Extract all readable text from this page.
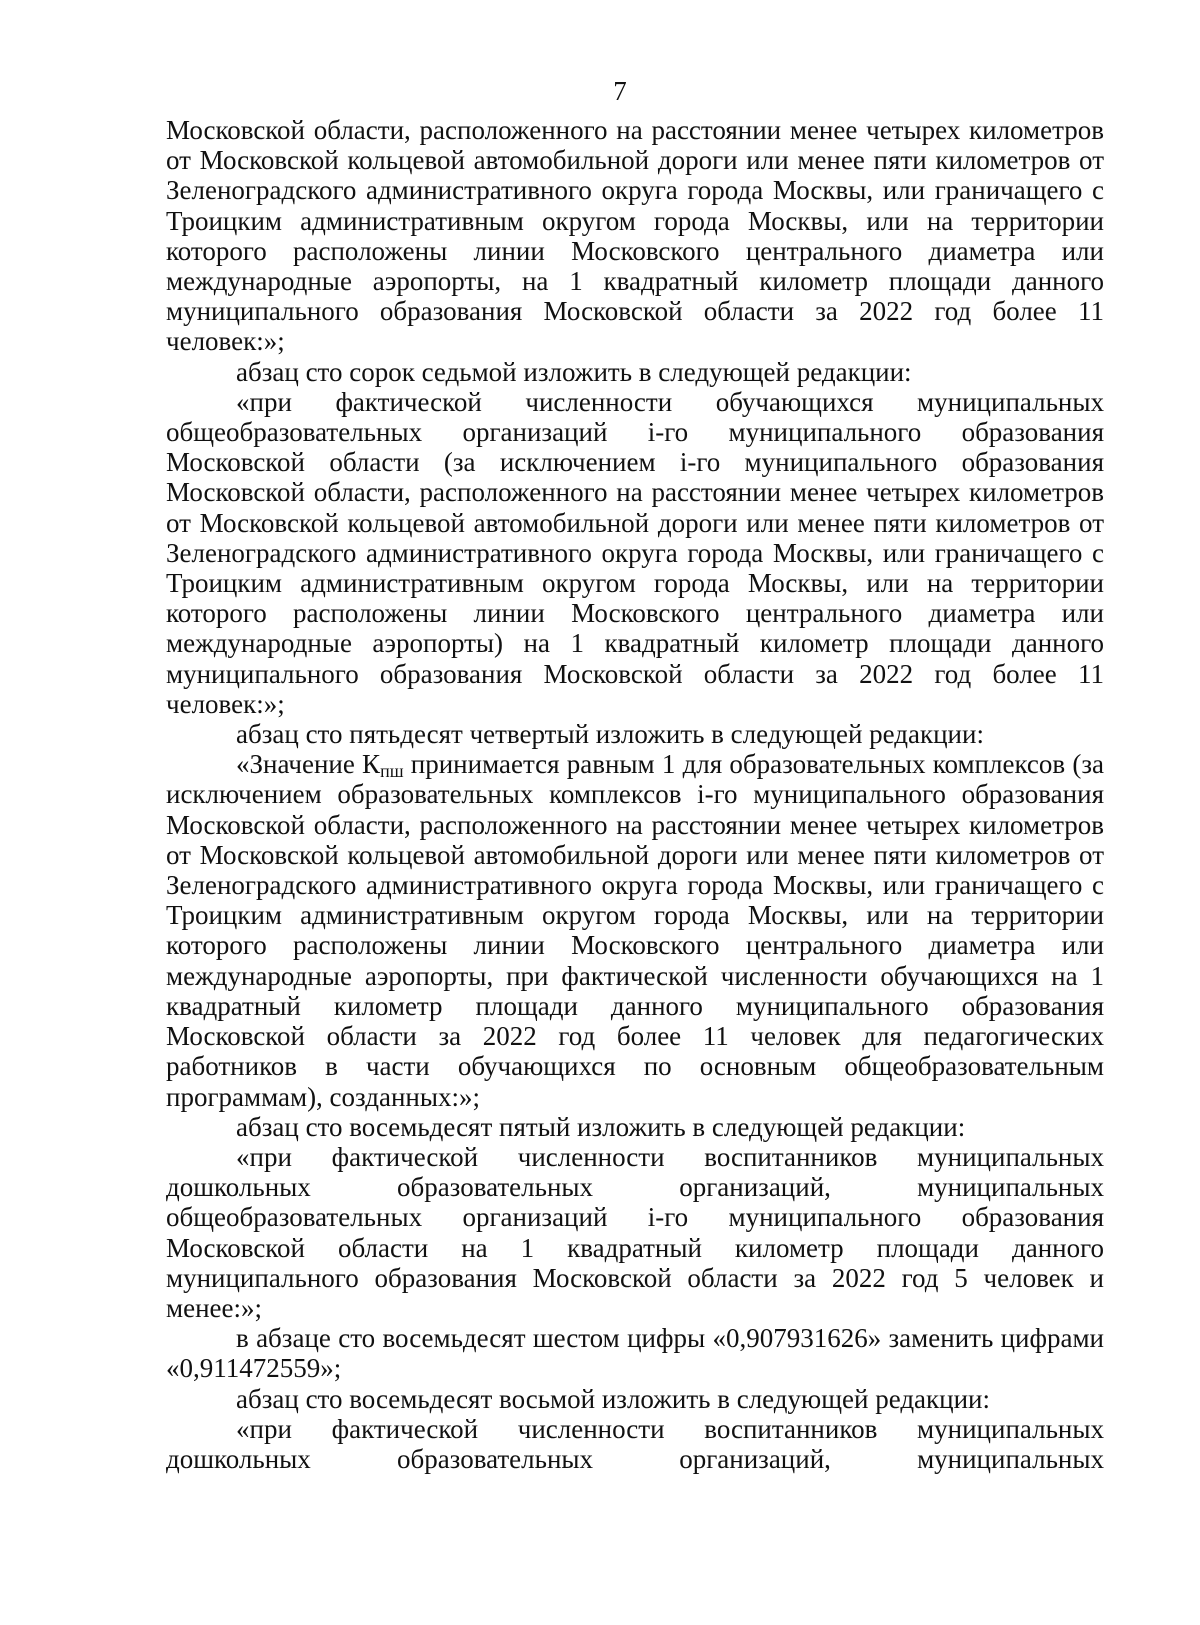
7

Московской области, расположенного на расстоянии менее четырех километров от Московской кольцевой автомобильной дороги или менее пяти километров от Зеленоградского административного округа города Москвы, или граничащего с Троицким административным округом города Москвы, или на территории которого расположены линии Московского центрального диаметра или международные аэропорты, на 1 квадратный километр площади данного муниципального образования Московской области за 2022 год более 11 человек:»;

абзац сто сорок седьмой изложить в следующей редакции:

«при фактической численности обучающихся муниципальных общеобразовательных организаций i-го муниципального образования Московской области (за исключением i-го муниципального образования Московской области, расположенного на расстоянии менее четырех километров от Московской кольцевой автомобильной дороги или менее пяти километров от Зеленоградского административного округа города Москвы, или граничащего с Троицким административным округом города Москвы, или на территории которого расположены линии Московского центрального диаметра или международные аэропорты) на 1 квадратный километр площади данного муниципального образования Московской области за 2022 год более 11 человек:»;

абзац сто пятьдесят четвертый изложить в следующей редакции:

«Значение $К_{пш}$ принимается равным 1 для образовательных комплексов (за исключением образовательных комплексов i-го муниципального образования Московской области, расположенного на расстоянии менее четырех километров от Московской кольцевой автомобильной дороги или менее пяти километров от Зеленоградского административного округа города Москвы, или граничащего с Троицким административным округом города Москвы, или на территории которого расположены линии Московского центрального диаметра или международные аэропорты, при фактической численности обучающихся на 1 квадратный километр площади данного муниципального образования Московской области за 2022 год более 11 человек для педагогических работников в части обучающихся по основным общеобразовательным программам), созданных:»;

абзац сто восемьдесят пятый изложить в следующей редакции:

«при фактической численности воспитанников муниципальных дошкольных образовательных организаций, муниципальных общеобразовательных организаций i-го муниципального образования Московской области на 1 квадратный километр площади данного муниципального образования Московской области за 2022 год 5 человек и менее:»;

в абзаце сто восемьдесят шестом цифры «0,907931626» заменить цифрами «0,911472559»;

абзац сто восемьдесят восьмой изложить в следующей редакции:

«при фактической численности воспитанников муниципальных дошкольных образовательных организаций, муниципальных
